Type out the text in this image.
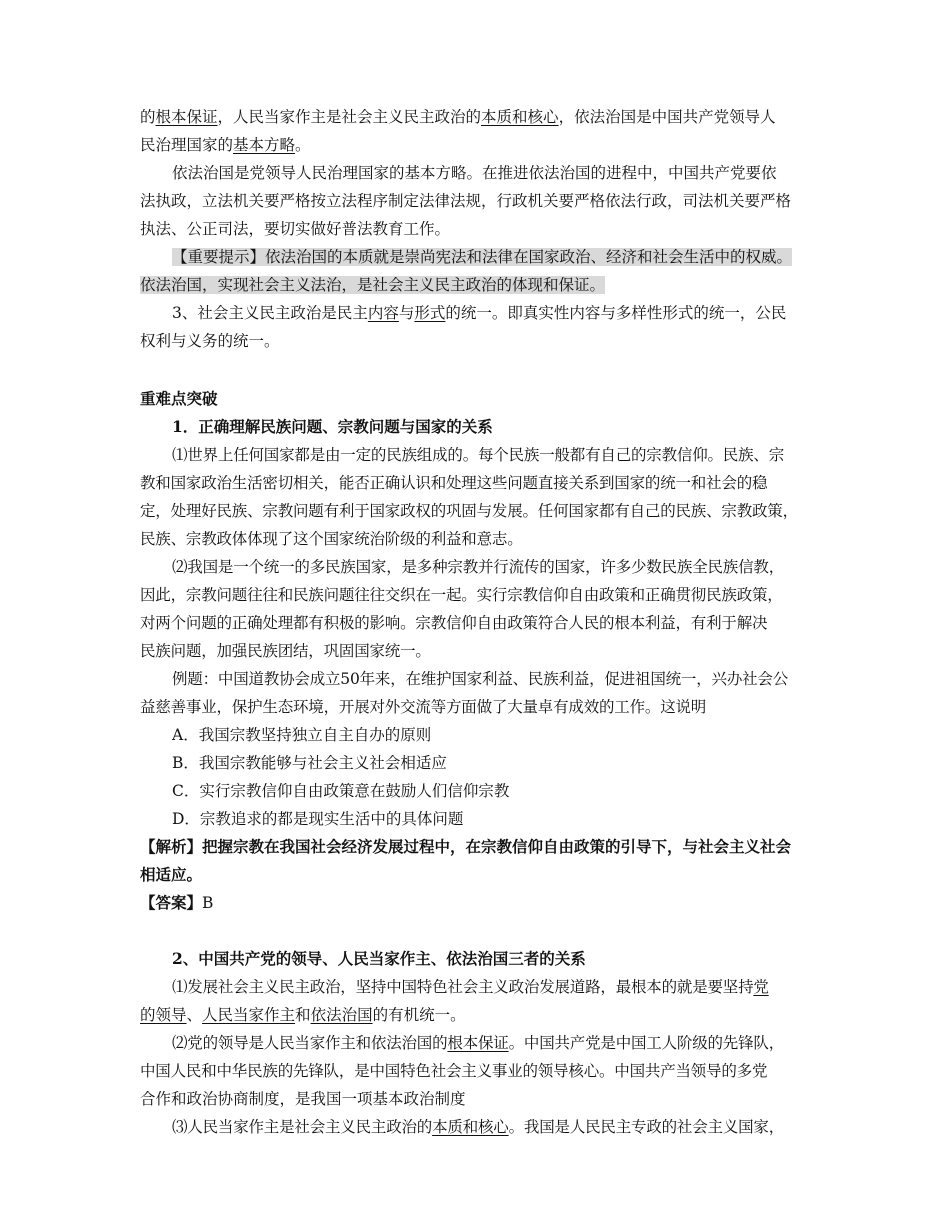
的根本保证，人民当家作主是社会主义民主政治的本质和核心，依法治国是中国共产党领导人
民治理国家的基本方略。
依法治国是党领导人民治理国家的基本方略。在推进依法治国的进程中，中国共产党要依
法执政，立法机关要严格按立法程序制定法律法规，行政机关要严格依法行政，司法机关要严格
执法、公正司法，要切实做好普法教育工作。
【重要提示】依法治国的本质就是崇尚宪法和法律在国家政治、经济和社会生活中的权威。
依法治国，实现社会主义法治，是社会主义民主政治的体现和保证。
3、社会主义民主政治是民主内容与形式的统一。即真实性内容与多样性形式的统一，公民
权利与义务的统一。
重难点突破
1．正确理解民族问题、宗教问题与国家的关系
⑴世界上任何国家都是由一定的民族组成的。每个民族一般都有自己的宗教信仰。民族、宗
教和国家政治生活密切相关，能否正确认识和处理这些问题直接关系到国家的统一和社会的稳
定，处理好民族、宗教问题有利于国家政权的巩固与发展。任何国家都有自己的民族、宗教政策，
民族、宗教政体体现了这个国家统治阶级的利益和意志。
⑵我国是一个统一的多民族国家，是多种宗教并行流传的国家，许多少数民族全民族信教，
因此，宗教问题往往和民族问题往往交织在一起。实行宗教信仰自由政策和正确贯彻民族政策，
对两个问题的正确处理都有积极的影响。宗教信仰自由政策符合人民的根本利益，有利于解决
民族问题，加强民族团结，巩固国家统一。
例题：中国道教协会成立50年来，在维护国家利益、民族利益，促进祖国统一，兴办社会公
益慈善事业，保护生态环境，开展对外交流等方面做了大量卓有成效的工作。这说明
A．我国宗教坚持独立自主自办的原则
B．我国宗教能够与社会主义社会相适应
C．实行宗教信仰自由政策意在鼓励人们信仰宗教
D．宗教追求的都是现实生活中的具体问题
【解析】把握宗教在我国社会经济发展过程中，在宗教信仰自由政策的引导下，与社会主义社会
相适应。
【答案】B
2、中国共产党的领导、人民当家作主、依法治国三者的关系
⑴发展社会主义民主政治，坚持中国特色社会主义政治发展道路，最根本的就是要坚持党
的领导、人民当家作主和依法治国的有机统一。
⑵党的领导是人民当家作主和依法治国的根本保证。中国共产党是中国工人阶级的先锋队，
中国人民和中华民族的先锋队，是中国特色社会主义事业的领导核心。中国共产当领导的多党
合作和政治协商制度，是我国一项基本政治制度
⑶人民当家作主是社会主义民主政治的本质和核心。我国是人民民主专政的社会主义国家，
